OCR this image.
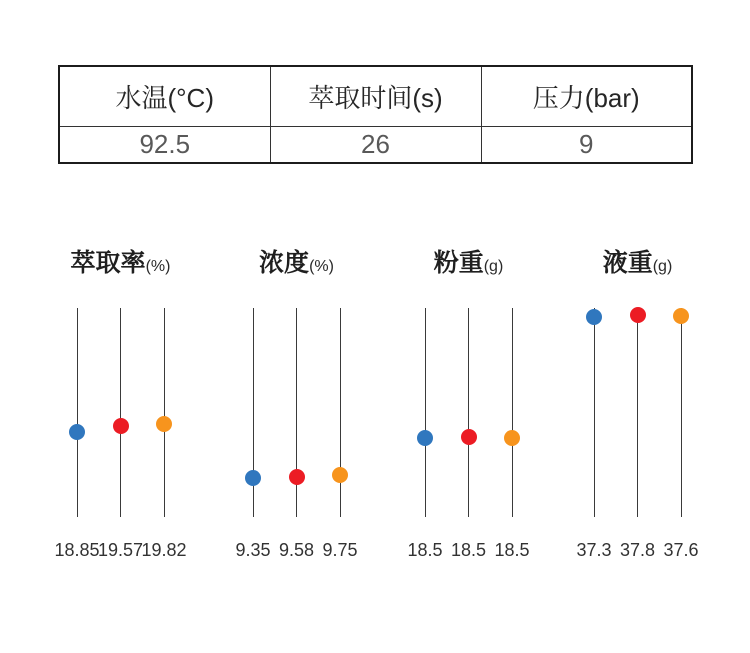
水温(°C)	萃取时间(s)	压力(bar)
92.5	26	9
萃取率(%)
18.85
19.57
19.82
浓度(%)
9.35 9.58 9.75
粉重(g)
18.5 18.5 18.5
液重(g)
37.3 37.8 37.6
